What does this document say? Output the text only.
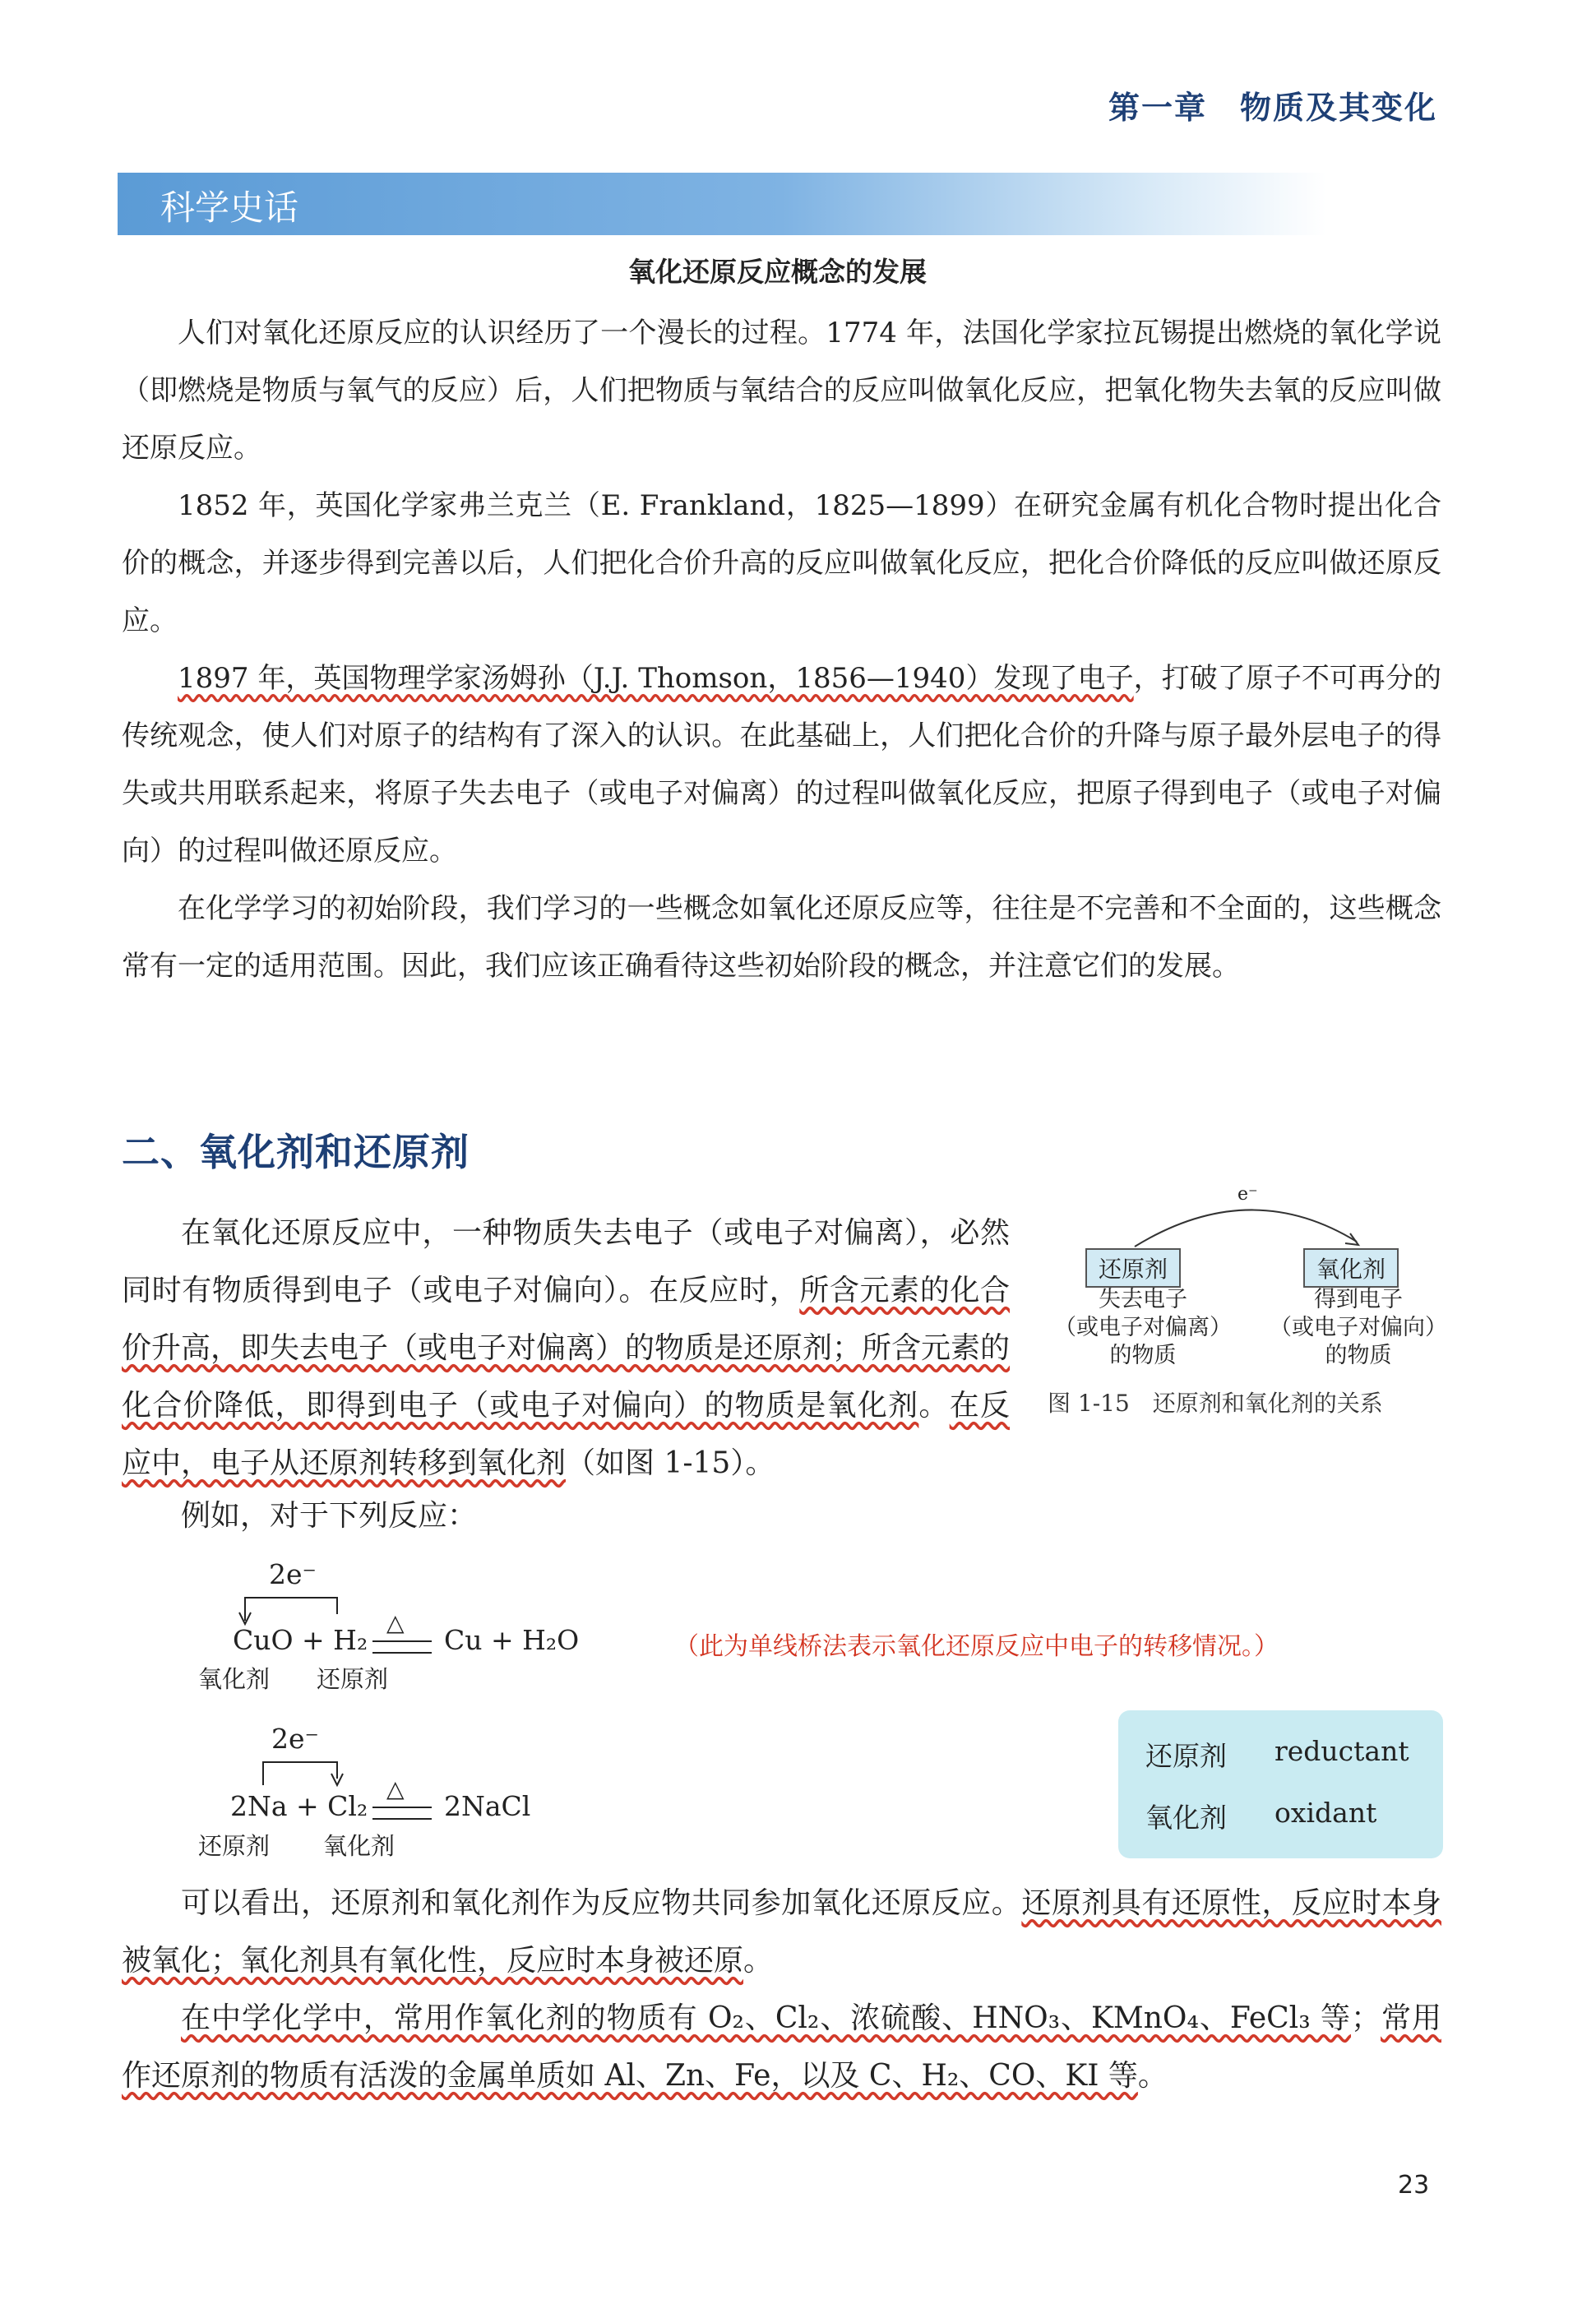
第一章　物质及其变化
科学史话
氧化还原反应概念的发展

人们对氧化还原反应的认识经历了一个漫长的过程。1774 年，法国化学家拉瓦锡提出燃烧的氧化学说（即燃烧是物质与氧气的反应）后，人们把物质与氧结合的反应叫做氧化反应，把氧化物失去氧的反应叫做还原反应。

1852 年，英国化学家弗兰克兰（E. Frankland，1825—1899）在研究金属有机化合物时提出化合价的概念，并逐步得到完善以后，人们把化合价升高的反应叫做氧化反应，把化合价降低的反应叫做还原反应。

1897 年，英国物理学家汤姆孙（J.J. Thomson，1856—1940）发现了电子，打破了原子不可再分的传统观念，使人们对原子的结构有了深入的认识。在此基础上，人们把化合价的升降与原子最外层电子的得失或共用联系起来，将原子失去电子（或电子对偏离）的过程叫做氧化反应，把原子得到电子（或电子对偏向）的过程叫做还原反应。

在化学学习的初始阶段，我们学习的一些概念如氧化还原反应等，往往是不完善和不全面的，这些概念常有一定的适用范围。因此，我们应该正确看待这些初始阶段的概念，并注意它们的发展。

二、氧化剂和还原剂

在氧化还原反应中，一种物质失去电子（或电子对偏离），必然同时有物质得到电子（或电子对偏向）。在反应时，所含元素的化合价升高，即失去电子（或电子对偏离）的物质是还原剂；所含元素的化合价降低，即得到电子（或电子对偏向）的物质是氧化剂。在反应中，电子从还原剂转移到氧化剂（如图 1-15）。

e⁻
还原剂	氧化剂
失去电子
（或电子对偏离）
的物质
得到电子
（或电子对偏向）
的物质
图 1-15　还原剂和氧化剂的关系
例如，对于下列反应：
2e⁻
CuO + H₂
△
Cu + H₂O
氧化剂 还原剂
（此为单线桥法表示氧化还原反应中电子的转移情况。）
2e⁻
2Na + Cl₂
△
2NaCl
还原剂 氧化剂
还原剂 reductant
氧化剂 oxidant

可以看出，还原剂和氧化剂作为反应物共同参加氧化还原反应。还原剂具有还原性，反应时本身被氧化；氧化剂具有氧化性，反应时本身被还原。

在中学化学中，常用作氧化剂的物质有 O₂、Cl₂、浓硫酸、HNO₃、KMnO₄、FeCl₃ 等；常用作还原剂的物质有活泼的金属单质如 Al、Zn、Fe，以及 C、H₂、CO、KI 等。

23
